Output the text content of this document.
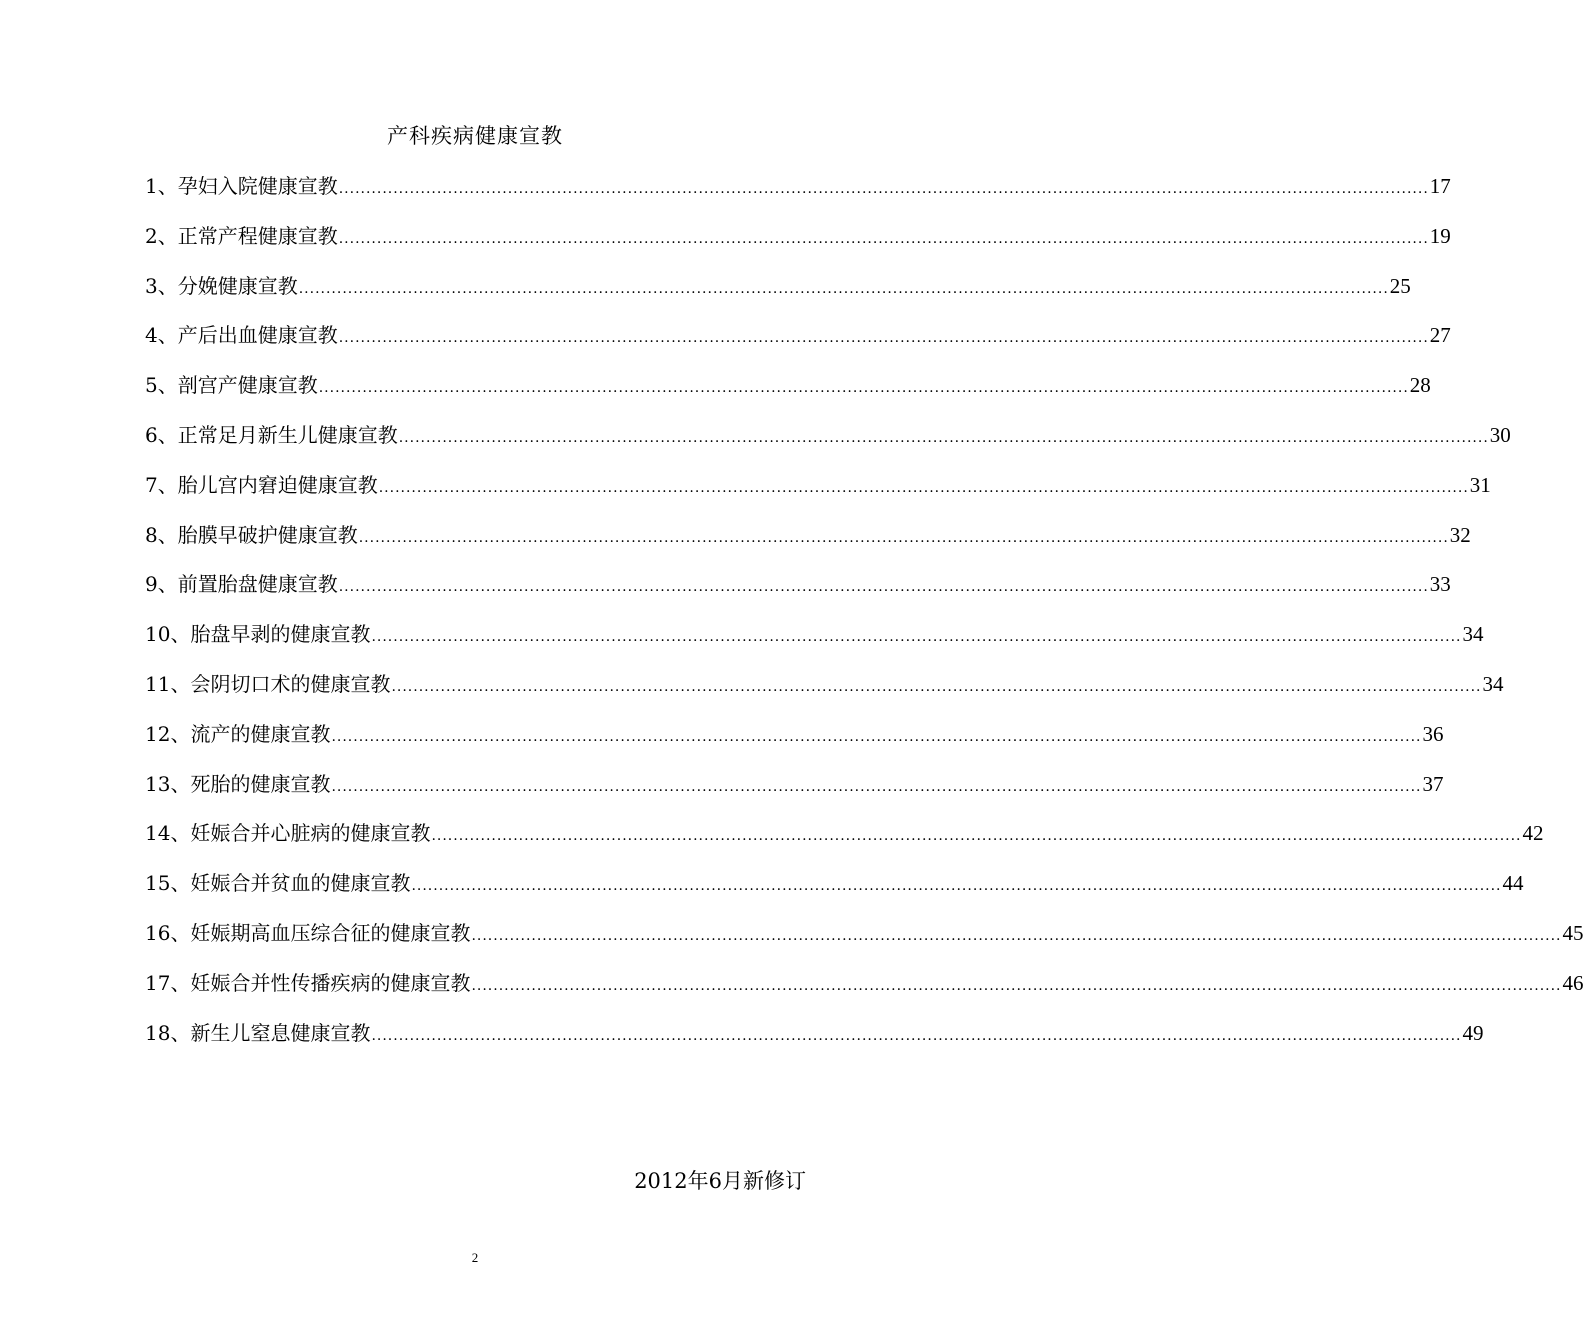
产科疾病健康宣教
1、孕妇入院健康宣教 ........................................................................................................................................................................................................ 17
2、正常产程健康宣教 ........................................................................................................................................................................................................ 19
3、分娩健康宣教 ........................................................................................................................................................................................................ 25
4、产后出血健康宣教 ........................................................................................................................................................................................................ 27
5、剖宫产健康宣教 ........................................................................................................................................................................................................ 28
6、正常足月新生儿健康宣教 ........................................................................................................................................................................................................ 30
7、胎儿宫内窘迫健康宣教 ........................................................................................................................................................................................................ 31
8、胎膜早破护健康宣教 ........................................................................................................................................................................................................ 32
9、前置胎盘健康宣教 ........................................................................................................................................................................................................ 33
10、胎盘早剥的健康宣教 ........................................................................................................................................................................................................ 34
11、会阴切口术的健康宣教 ........................................................................................................................................................................................................ 34
12、流产的健康宣教 ........................................................................................................................................................................................................ 36
13、死胎的健康宣教 ........................................................................................................................................................................................................ 37
14、妊娠合并心脏病的健康宣教 ........................................................................................................................................................................................................ 42
15、妊娠合并贫血的健康宣教 ........................................................................................................................................................................................................ 44
16、妊娠期高血压综合征的健康宣教 ........................................................................................................................................................................................................ 45
17、妊娠合并性传播疾病的健康宣教 ........................................................................................................................................................................................................ 46
18、新生儿窒息健康宣教 ........................................................................................................................................................................................................ 49
2012年6月新修订
2
